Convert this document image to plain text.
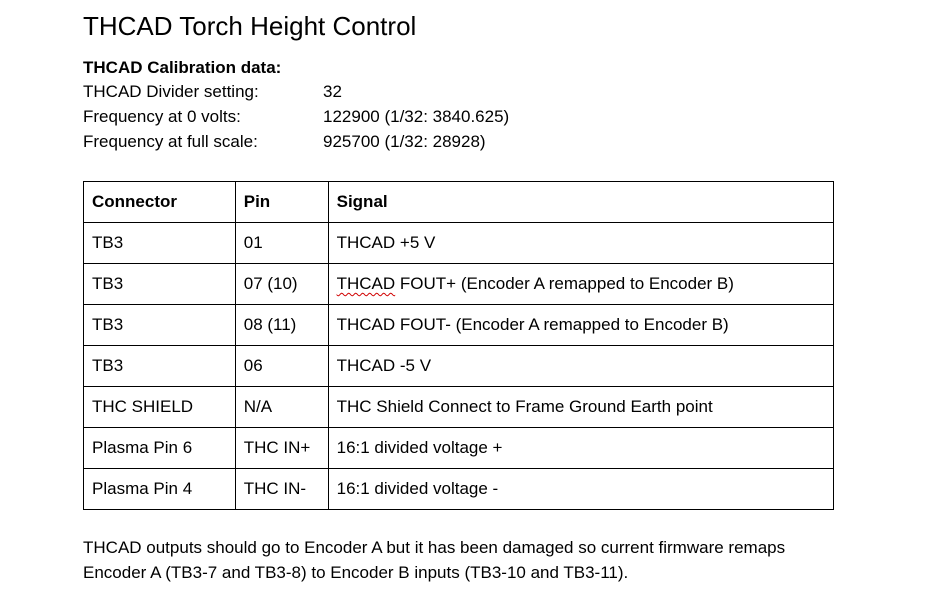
THCAD Torch Height Control
THCAD Calibration data:
THCAD Divider setting:	32
Frequency at 0 volts:	122900 (1/32: 3840.625)
Frequency at full scale:	925700 (1/32: 28928)
Connector	Pin	Signal
TB3	01	THCAD +5 V
TB3	07 (10)	THCAD FOUT+ (Encoder A remapped to Encoder B)
TB3	08 (11)	THCAD FOUT- (Encoder A remapped to Encoder B)
TB3	06	THCAD -5 V
THC SHIELD	N/A	THC Shield Connect to Frame Ground Earth point
Plasma Pin 6	THC IN+	16:1 divided voltage +
Plasma Pin 4	THC IN-	16:1 divided voltage -

THCAD outputs should go to Encoder A but it has been damaged so current firmware remaps Encoder A (TB3-7 and TB3-8) to Encoder B inputs (TB3-10 and TB3-11).
